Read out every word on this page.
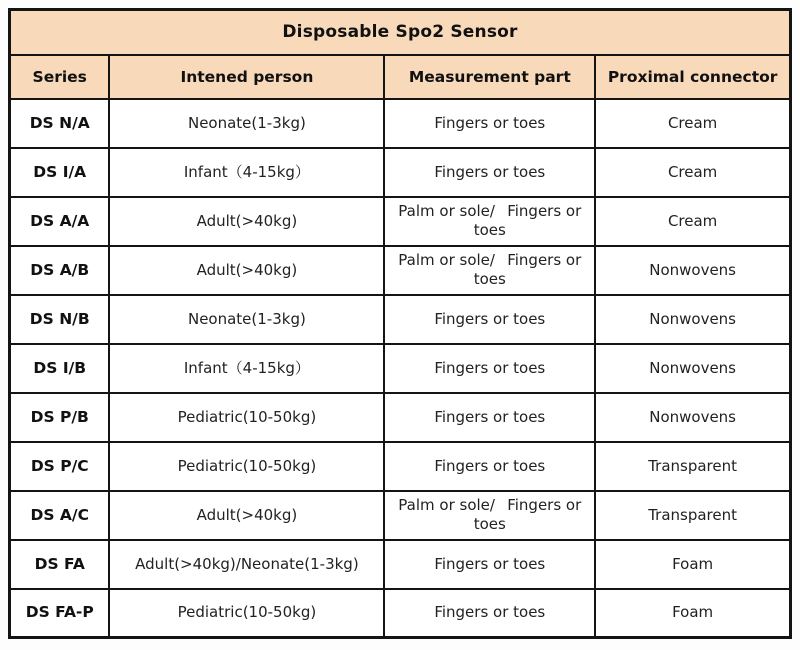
Disposable Spo2 Sensor			
Series	Intened person	Measurement part	Proximal connector
DS N/A	Neonate(1-3kg)	Fingers or toes	Cream
DS I/A	Infant（4-15kg）	Fingers or toes	Cream
DS A/A	Adult(>40kg)	Palm or sole/  Fingers or toes	Cream
DS A/B	Adult(>40kg)	Palm or sole/  Fingers or toes	Nonwovens
DS N/B	Neonate(1-3kg)	Fingers or toes	Nonwovens
DS I/B	Infant（4-15kg）	Fingers or toes	Nonwovens
DS P/B	Pediatric(10-50kg)	Fingers or toes	Nonwovens
DS P/C	Pediatric(10-50kg)	Fingers or toes	Transparent
DS A/C	Adult(>40kg)	Palm or sole/  Fingers or toes	Transparent
DS FA	Adult(>40kg)/Neonate(1-3kg)	Fingers or toes	Foam
DS FA-P	Pediatric(10-50kg)	Fingers or toes	Foam
